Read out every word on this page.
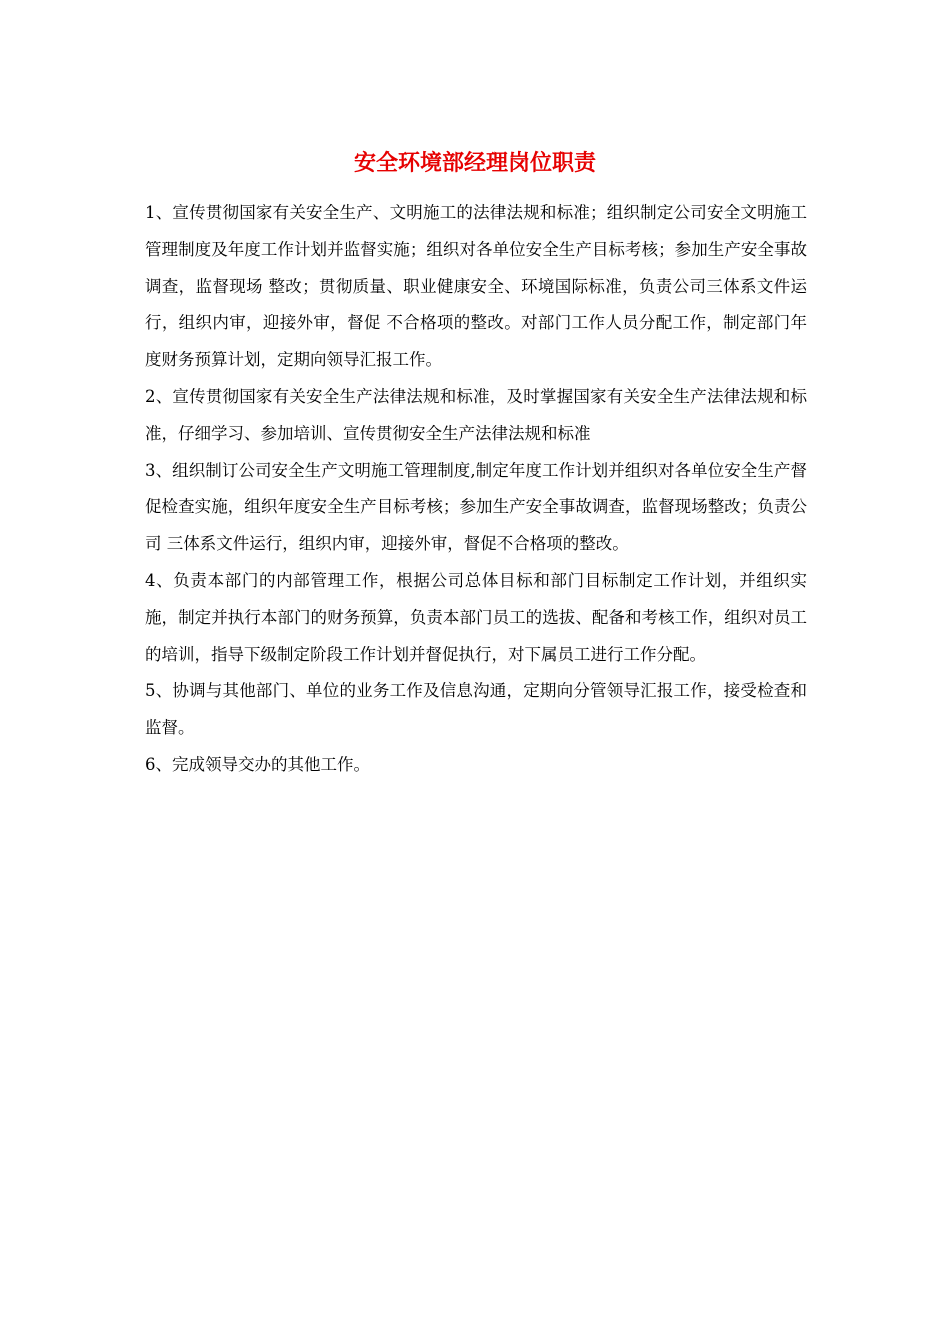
安全环境部经理岗位职责

1、宣传贯彻国家有关安全生产、文明施工的法律法规和标准；组织制定公司安全文明施工管理制度及年度工作计划并监督实施；组织对各单位安全生产目标考核；参加生产安全事故调查，监督现场 整改；贯彻质量、职业健康安全、环境国际标准，负责公司三体系文件运行，组织内审，迎接外审，督促 不合格项的整改。对部门工作人员分配工作，制定部门年度财务预算计划，定期向领导汇报工作。

2、宣传贯彻国家有关安全生产法律法规和标准，及时掌握国家有关安全生产法律法规和标准，仔细学习、参加培训、宣传贯彻安全生产法律法规和标准

3、组织制订公司安全生产文明施工管理制度,制定年度工作计划并组织对各单位安全生产督促检查实施，组织年度安全生产目标考核；参加生产安全事故调查，监督现场整改；负责公司 三体系文件运行，组织内审，迎接外审，督促不合格项的整改。

4、负责本部门的内部管理工作，根据公司总体目标和部门目标制定工作计划，并组织实施，制定并执行本部门的财务预算，负责本部门员工的选拔、配备和考核工作，组织对员工的培训，指导下级制定阶段工作计划并督促执行，对下属员工进行工作分配。

5、协调与其他部门、单位的业务工作及信息沟通，定期向分管领导汇报工作，接受检查和监督。

6、完成领导交办的其他工作。
